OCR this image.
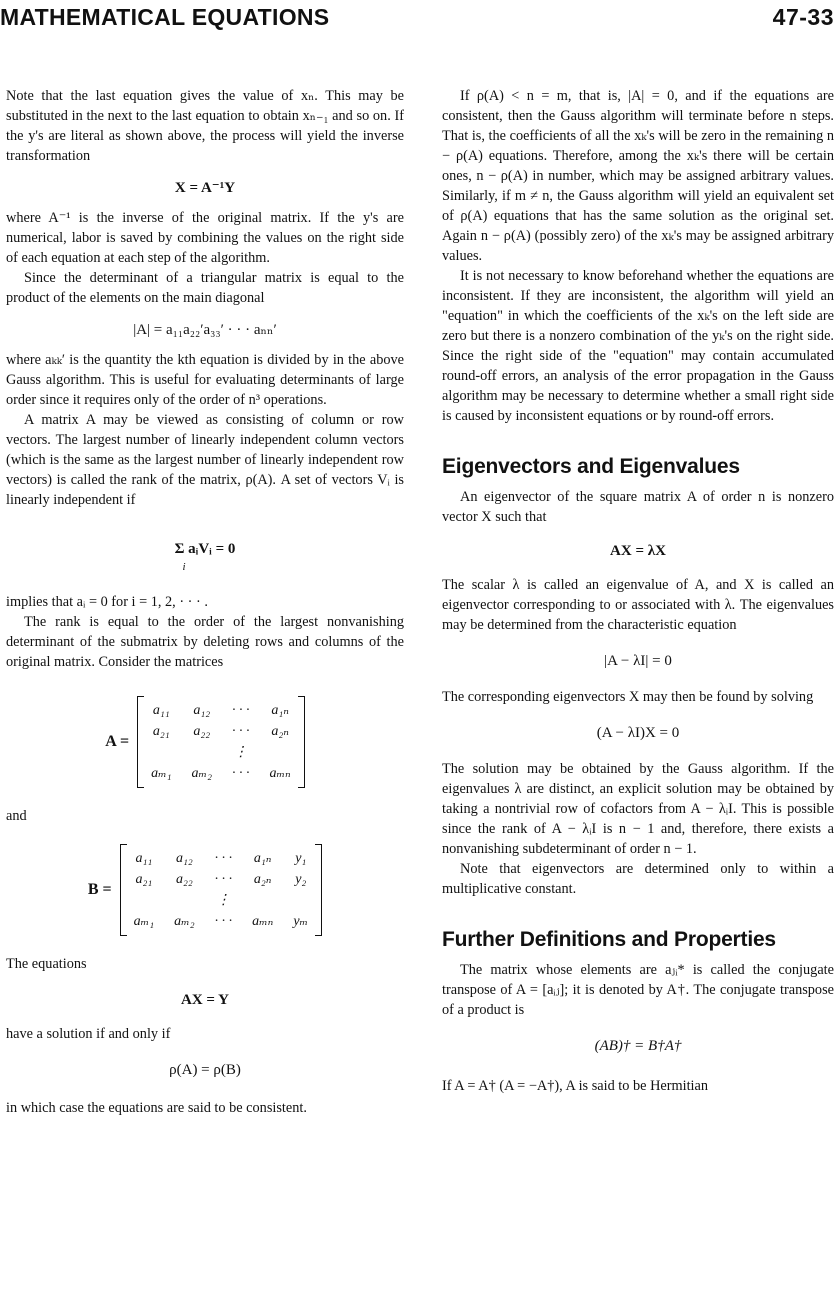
MATHEMATICAL EQUATIONS	47-33

Note that the last equation gives the value of xₙ. This may be substituted in the next to the last equation to obtain xₙ₋₁ and so on. If the y's are literal as shown above, the process will yield the inverse transformation

X = A⁻¹Y

where A⁻¹ is the inverse of the original matrix. If the y's are numerical, labor is saved by combining the values on the right side of each equation at each step of the algorithm.

Since the determinant of a triangular matrix is equal to the product of the elements on the main diagonal

|A| = a₁₁a₂₂′a₃₃′ · · · aₙₙ′

where aₖₖ′ is the quantity the kth equation is divided by in the above Gauss algorithm. This is useful for evaluating determinants of large order since it requires only of the order of n³ operations.

A matrix A may be viewed as consisting of column or row vectors. The largest number of linearly independent column vectors (which is the same as the largest number of linearly independent row vectors) is called the rank of the matrix, ρ(A). A set of vectors Vᵢ is linearly independent if

Σ aᵢVᵢ = 0
i

implies that aᵢ = 0 for i = 1, 2, · · · .

The rank is equal to the order of the largest nonvanishing determinant of the submatrix by deleting rows and columns of the original matrix. Consider the matrices

A =
a₁₁	a₁₂	· · ·	a₁ₙ
a₂₁	a₂₂	· · ·	a₂ₙ
		⋮	
aₘ₁	aₘ₂	· · ·	aₘₙ

and

B =
a₁₁	a₁₂	· · ·	a₁ₙ	y₁
a₂₁	a₂₂	· · ·	a₂ₙ	y₂
		⋮		
aₘ₁	aₘ₂	· · ·	aₘₙ	yₘ

The equations

AX = Y

have a solution if and only if

ρ(A) = ρ(B)

in which case the equations are said to be consistent.

If ρ(A) < n = m, that is, |A| = 0, and if the equations are consistent, then the Gauss algorithm will terminate before n steps. That is, the coefficients of all the xₖ's will be zero in the remaining n − ρ(A) equations. Therefore, among the xₖ's there will be certain ones, n − ρ(A) in number, which may be assigned arbitrary values. Similarly, if m ≠ n, the Gauss algorithm will yield an equivalent set of ρ(A) equations that has the same solution as the original set. Again n − ρ(A) (possibly zero) of the xₖ's may be assigned arbitrary values.

It is not necessary to know beforehand whether the equations are inconsistent. If they are inconsistent, the algorithm will yield an "equation" in which the coefficients of the xₖ's on the left side are zero but there is a nonzero combination of the yₖ's on the right side. Since the right side of the "equation" may contain accumulated round-off errors, an analysis of the error propagation in the Gauss algorithm may be necessary to determine whether a small right side is caused by inconsistent equations or by round-off errors.

Eigenvectors and Eigenvalues

An eigenvector of the square matrix A of order n is nonzero vector X such that

AX = λX

The scalar λ is called an eigenvalue of A, and X is called an eigenvector corresponding to or associated with λ. The eigenvalues may be determined from the characteristic equation

|A − λI| = 0

The corresponding eigenvectors X may then be found by solving

(A − λI)X = 0

The solution may be obtained by the Gauss algorithm. If the eigenvalues λ are distinct, an explicit solution may be obtained by taking a nontrivial row of cofactors from A − λᵢI. This is possible since the rank of A − λᵢI is n − 1 and, therefore, there exists a nonvanishing subdeterminant of order n − 1.

Note that eigenvectors are determined only to within a multiplicative constant.

Further Definitions and Properties

The matrix whose elements are aⱼᵢ* is called the conjugate transpose of A = [aᵢⱼ]; it is denoted by A†. The conjugate transpose of a product is

(AB)† = B†A†

If A = A† (A = −A†), A is said to be Hermitian
